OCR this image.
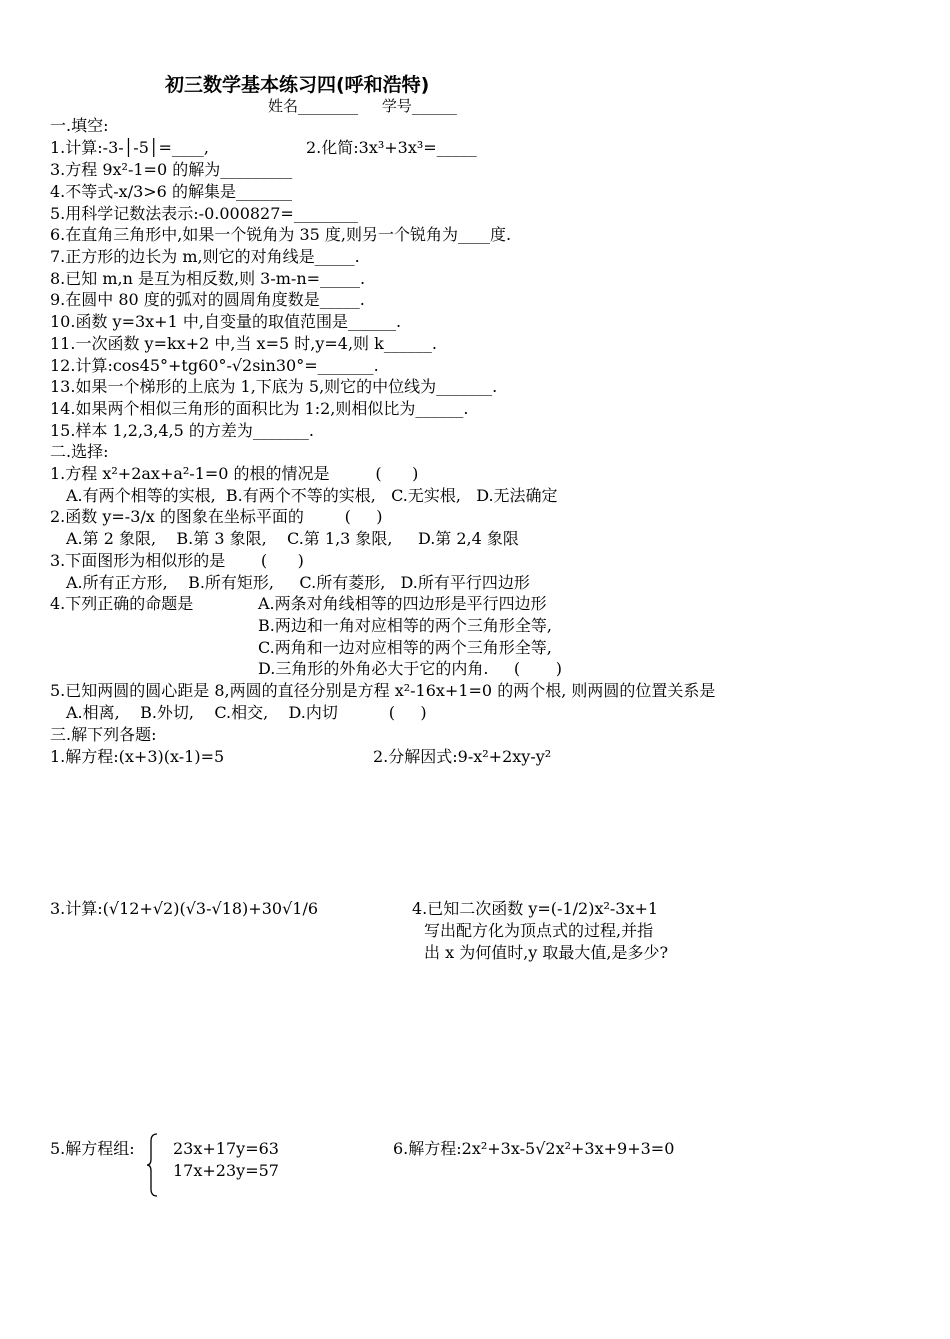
初三数学基本练习四(呼和浩特)
姓名________     学号______
一.填空:
1.计算:-3-│-5│=____,	2.化简:3x³+3x³=_____
3.方程 9x²-1=0 的解为_________
4.不等式-x/3>6 的解集是_______
5.用科学记数法表示:-0.000827=________
6.在直角三角形中,如果一个锐角为 35 度,则另一个锐角为____度.
7.正方形的边长为 m,则它的对角线是_____.
8.已知 m,n 是互为相反数,则 3-m-n=_____.
9.在圆中 80 度的弧对的圆周角度数是_____.
10.函数 y=3x+1 中,自变量的取值范围是______.
11.一次函数 y=kx+2 中,当 x=5 时,y=4,则 k______.
12.计算:cos45°+tg60°-√2sin30°=_______.
13.如果一个梯形的上底为 1,下底为 5,则它的中位线为_______.
14.如果两个相似三角形的面积比为 1:2,则相似比为______.
15.样本 1,2,3,4,5 的方差为_______.
二.选择:
1.方程 x²+2ax+a²-1=0 的根的情况是         (      )
A.有两个相等的实根,  B.有两个不等的实根,   C.无实根,   D.无法确定
2.函数 y=-3/x 的图象在坐标平面的        (     )
A.第 2 象限,    B.第 3 象限,    C.第 1,3 象限,     D.第 2,4 象限
3.下面图形为相似形的是       (      )
A.所有正方形,    B.所有矩形,     C.所有菱形,   D.所有平行四边形
4.下列正确的命题是	A.两条对角线相等的四边形是平行四边形
B.两边和一角对应相等的两个三角形全等,
C.两角和一边对应相等的两个三角形全等,
D.三角形的外角必大于它的内角.     (       )
5.已知两圆的圆心距是 8,两圆的直径分别是方程 x²-16x+1=0 的两个根, 则两圆的位置关系是
A.相离,    B.外切,    C.相交,    D.内切          (     )
三.解下列各题:
1.解方程:(x+3)(x-1)=5	2.分解因式:9-x²+2xy-y²
3.计算:(√12+√2)(√3-√18)+30√1/6	4.已知二次函数 y=(-1/2)x²-3x+1
写出配方化为顶点式的过程,并指
出 x 为何值时,y 取最大值,是多少?
5.解方程组: 23x+17y=63
17x+23y=57
6.解方程:2x²+3x-5√2x²+3x+9+3=0
